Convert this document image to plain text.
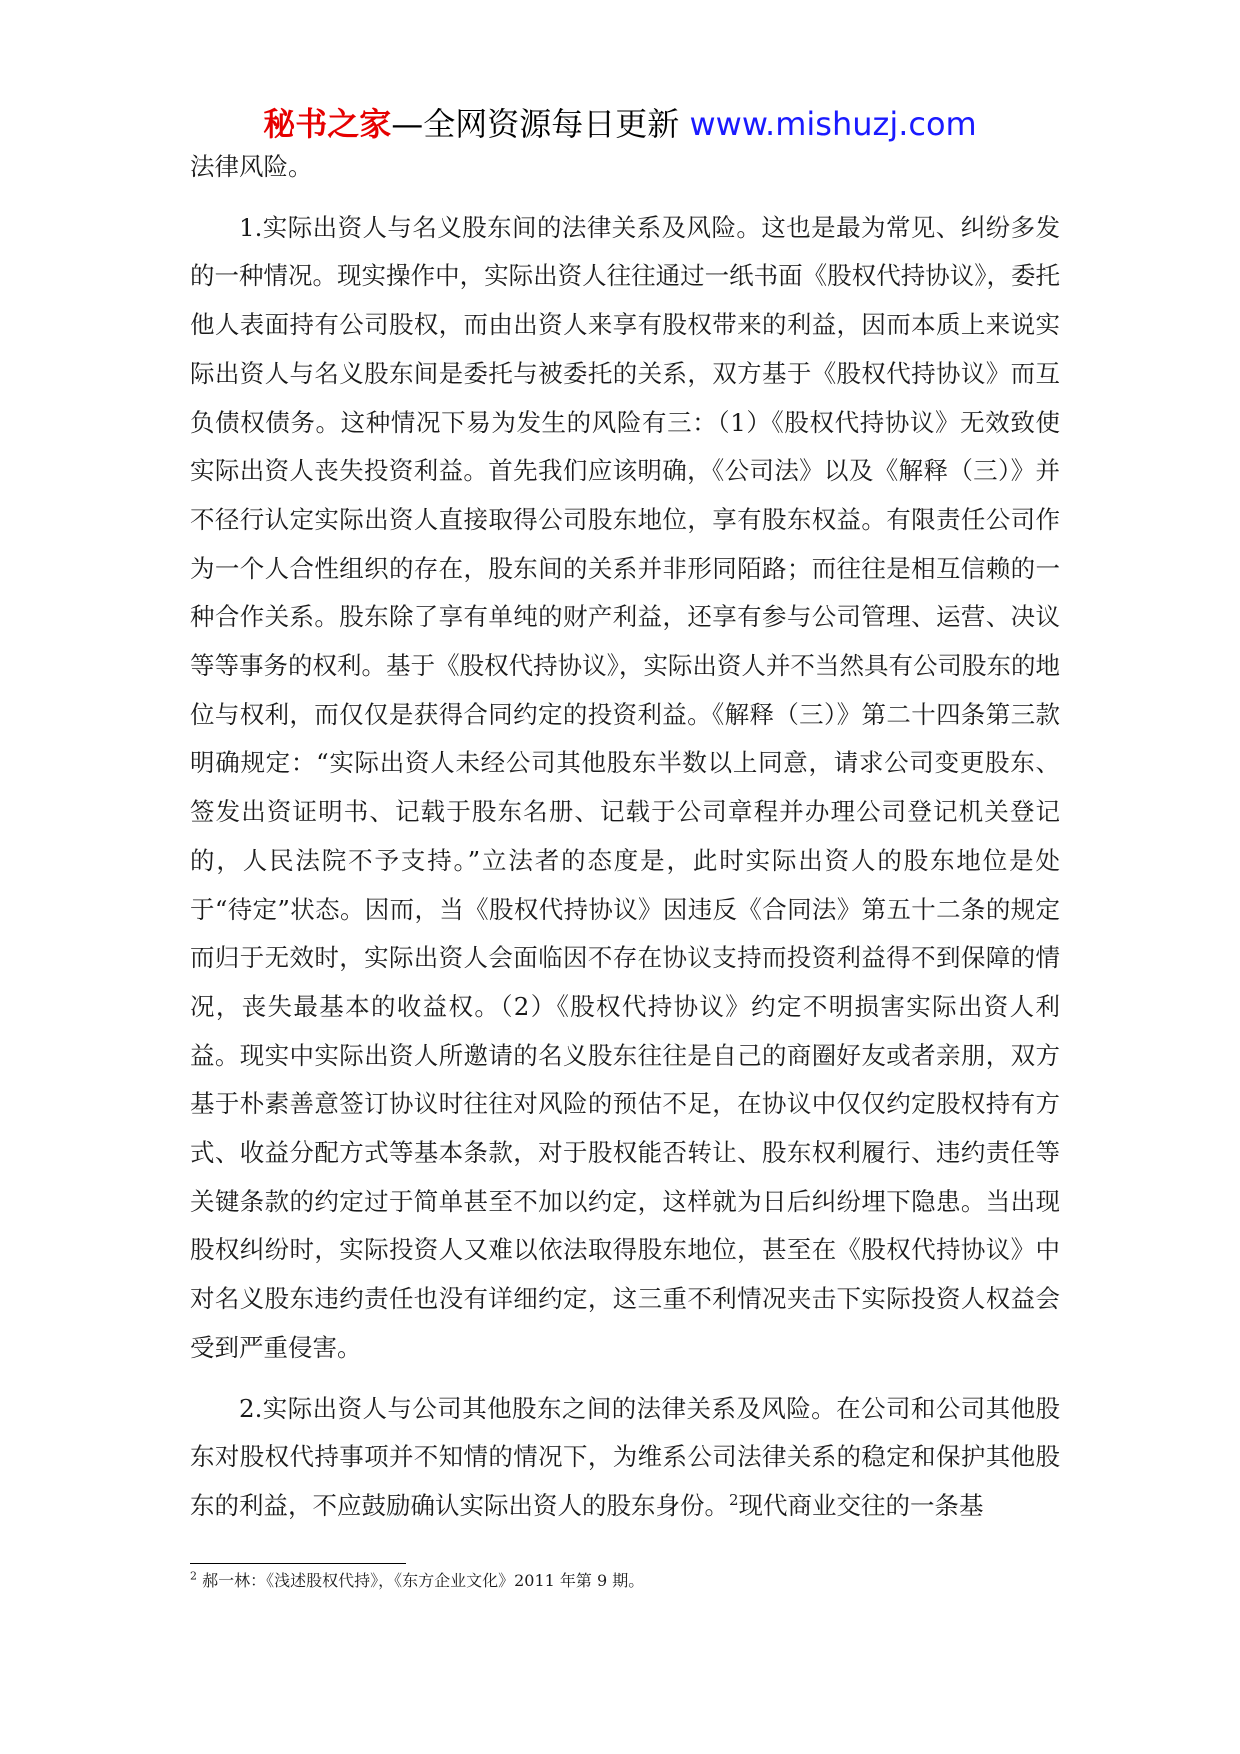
秘书之家—全网资源每日更新 www.mishuzj.com

法律风险。

1.实际出资人与名义股东间的法律关系及风险。这也是最为常见、纠纷多发的一种情况。现实操作中，实际出资人往往通过一纸书面《股权代持协议》，委托他人表面持有公司股权，而由出资人来享有股权带来的利益，因而本质上来说实际出资人与名义股东间是委托与被委托的关系，双方基于《股权代持协议》而互负债权债务。这种情况下易为发生的风险有三：（1）《股权代持协议》无效致使实际出资人丧失投资利益。首先我们应该明确，《公司法》以及《解释（三）》并不径行认定实际出资人直接取得公司股东地位，享有股东权益。有限责任公司作为一个人合性组织的存在，股东间的关系并非形同陌路；而往往是相互信赖的一种合作关系。股东除了享有单纯的财产利益，还享有参与公司管理、运营、决议等等事务的权利。基于《股权代持协议》，实际出资人并不当然具有公司股东的地位与权利，而仅仅是获得合同约定的投资利益。《解释（三）》第二十四条第三款明确规定：“实际出资人未经公司其他股东半数以上同意，请求公司变更股东、签发出资证明书、记载于股东名册、记载于公司章程并办理公司登记机关登记的，人民法院不予支持。”立法者的态度是，此时实际出资人的股东地位是处于“待定”状态。因而，当《股权代持协议》因违反《合同法》第五十二条的规定而归于无效时，实际出资人会面临因不存在协议支持而投资利益得不到保障的情况，丧失最基本的收益权。（2）《股权代持协议》约定不明损害实际出资人利益。现实中实际出资人所邀请的名义股东往往是自己的商圈好友或者亲朋，双方基于朴素善意签订协议时往往对风险的预估不足，在协议中仅仅约定股权持有方式、收益分配方式等基本条款，对于股权能否转让、股东权利履行、违约责任等关键条款的约定过于简单甚至不加以约定，这样就为日后纠纷埋下隐患。当出现股权纠纷时，实际投资人又难以依法取得股东地位，甚至在《股权代持协议》中对名义股东违约责任也没有详细约定，这三重不利情况夹击下实际投资人权益会受到严重侵害。

2.实际出资人与公司其他股东之间的法律关系及风险。在公司和公司其他股东对股权代持事项并不知情的情况下，为维系公司法律关系的稳定和保护其他股东的利益，不应鼓励确认实际出资人的股东身份。$^2$现代商业交往的一条基

$^2$ 郝一林：《浅述股权代持》，《东方企业文化》2011 年第 9 期。
